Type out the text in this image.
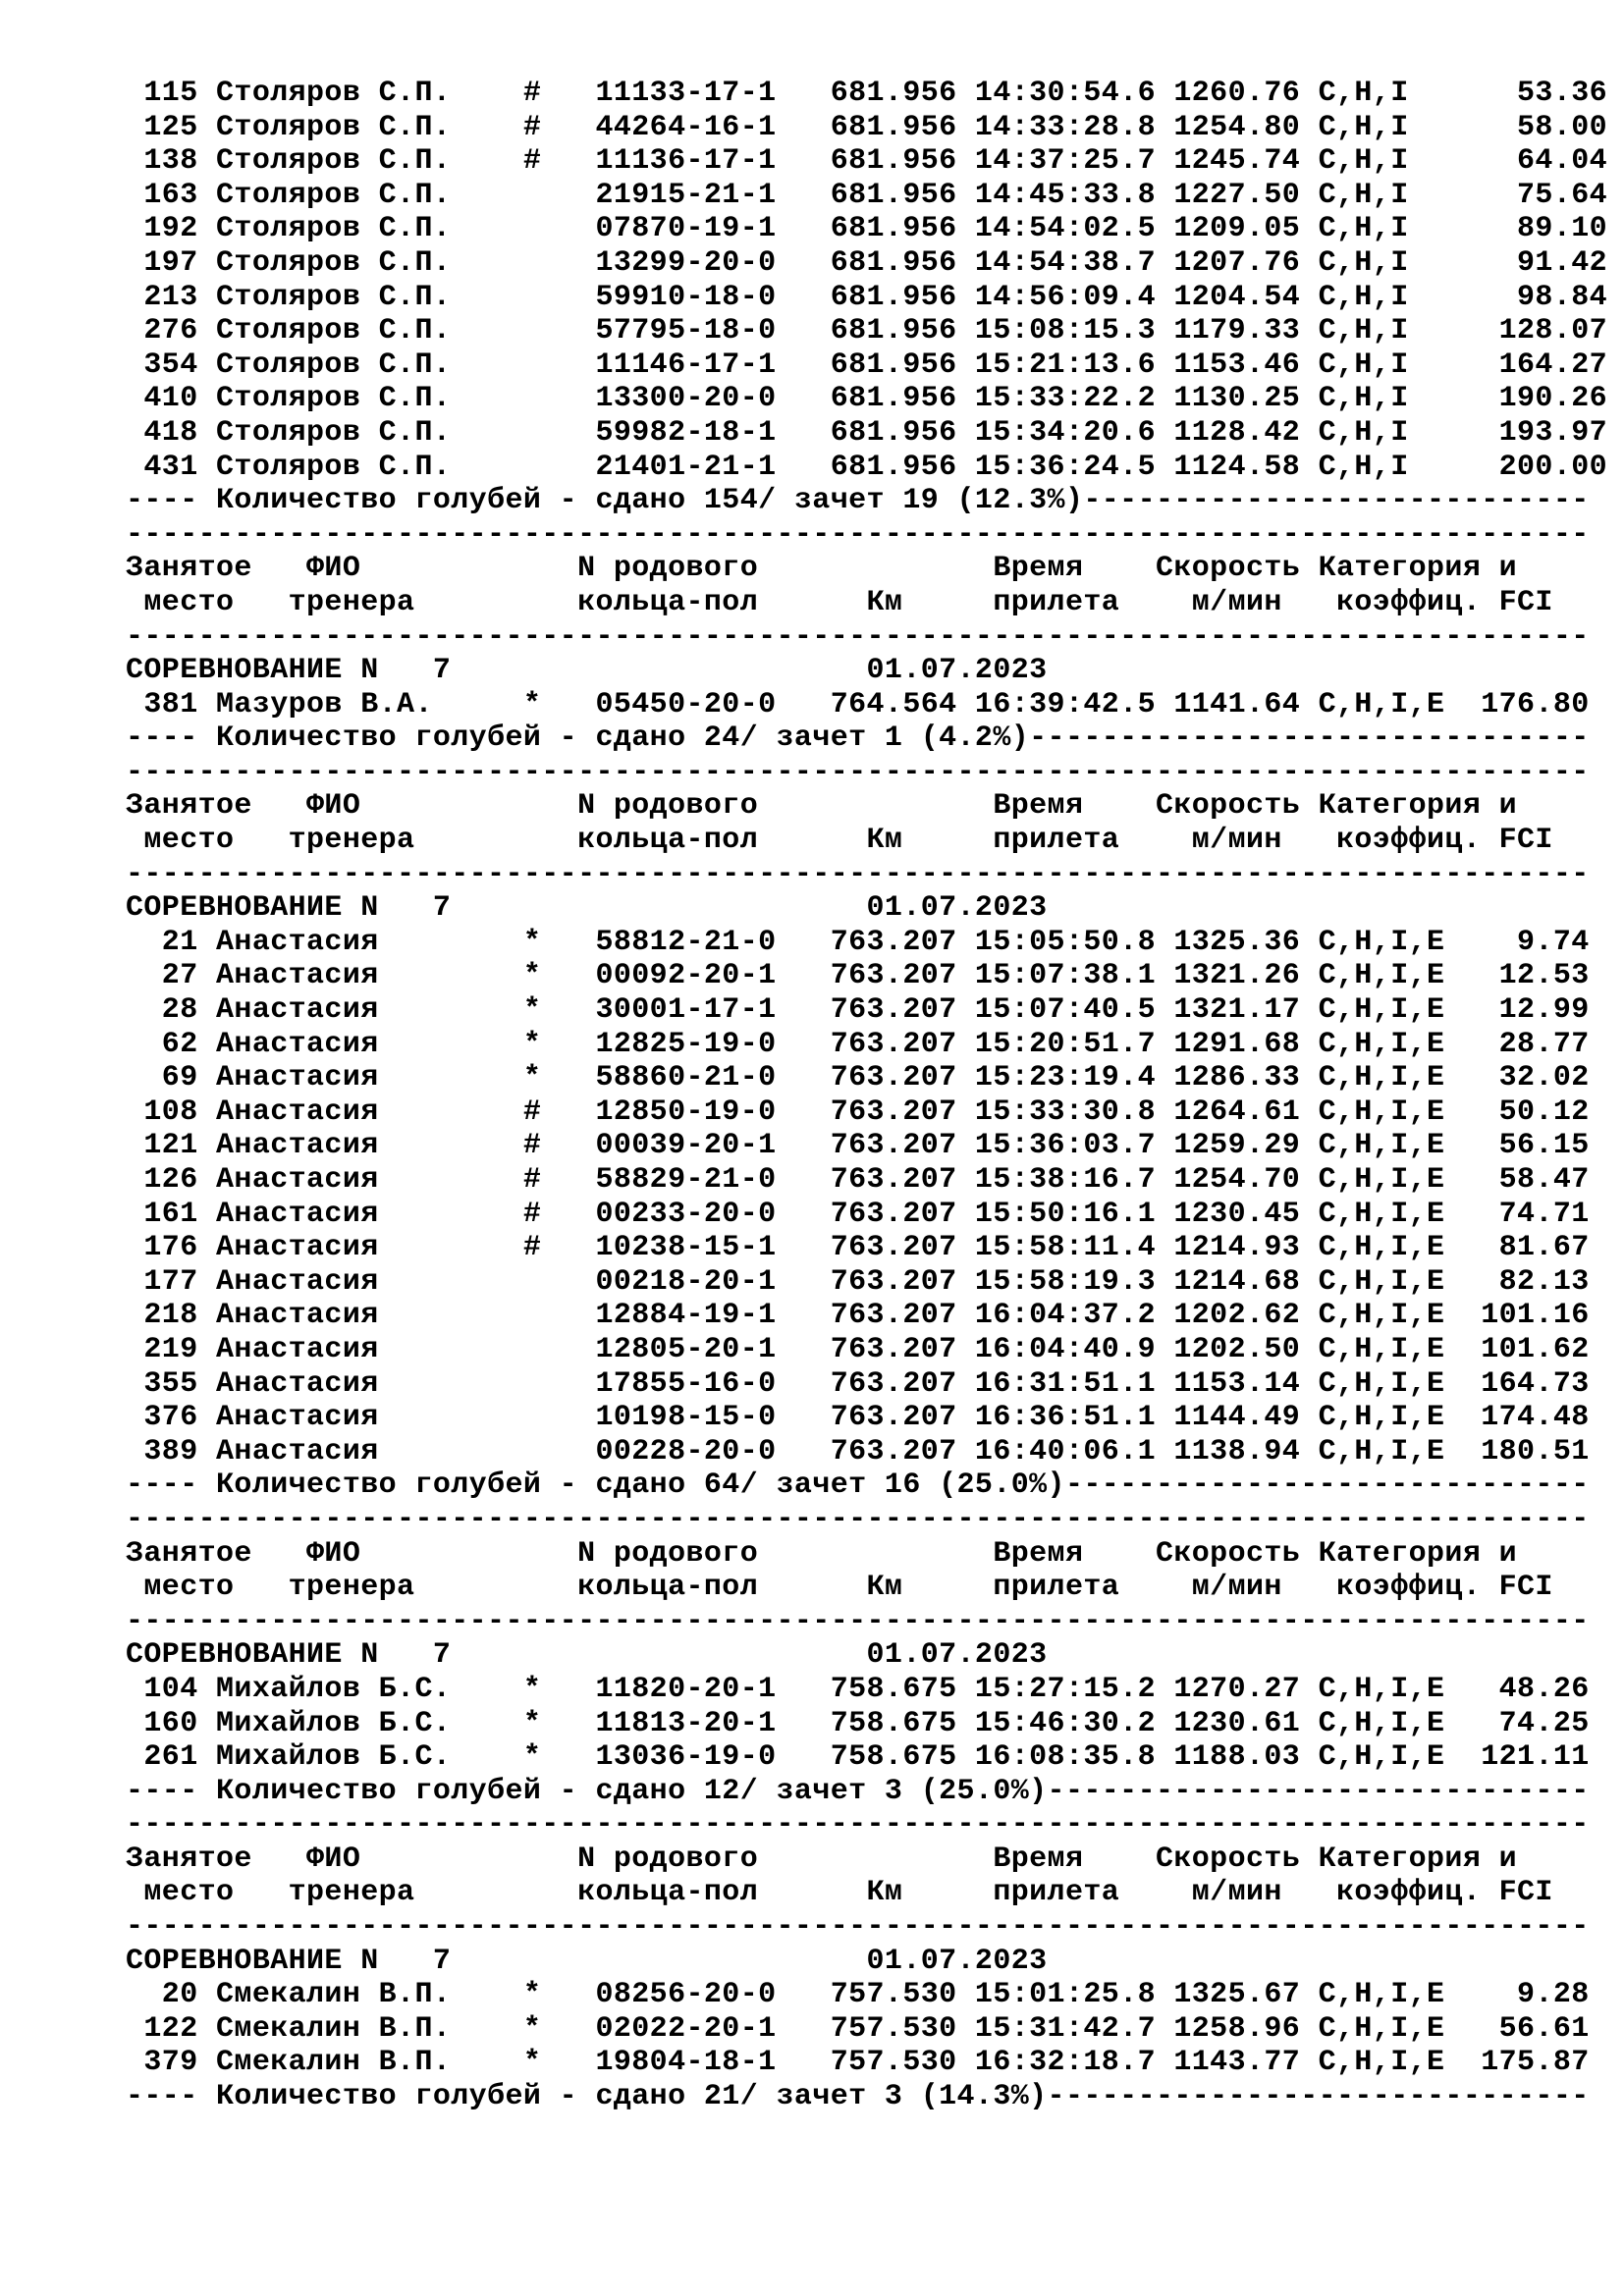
115 Столяров С.П.    #   11133-17-1   681.956 14:30:54.6 1260.76 C,H,I      53.36
125 Столяров С.П.    #   44264-16-1   681.956 14:33:28.8 1254.80 C,H,I      58.00
138 Столяров С.П.    #   11136-17-1   681.956 14:37:25.7 1245.74 C,H,I      64.04
163 Столяров С.П.        21915-21-1   681.956 14:45:33.8 1227.50 C,H,I      75.64
192 Столяров С.П.        07870-19-1   681.956 14:54:02.5 1209.05 C,H,I      89.10
197 Столяров С.П.        13299-20-0   681.956 14:54:38.7 1207.76 C,H,I      91.42
213 Столяров С.П.        59910-18-0   681.956 14:56:09.4 1204.54 C,H,I      98.84
276 Столяров С.П.        57795-18-0   681.956 15:08:15.3 1179.33 C,H,I     128.07
354 Столяров С.П.        11146-17-1   681.956 15:21:13.6 1153.46 C,H,I     164.27
410 Столяров С.П.        13300-20-0   681.956 15:33:22.2 1130.25 C,H,I     190.26
418 Столяров С.П.        59982-18-1   681.956 15:34:20.6 1128.42 C,H,I     193.97
431 Столяров С.П.        21401-21-1   681.956 15:36:24.5 1124.58 C,H,I     200.00
---- Количество голубей - сдано 154/ зачет 19 (12.3%)----------------------------
---------------------------------------------------------------------------------
Занятое   ФИО            N родового             Время    Скорость Категория и
место   тренера         кольца-пол      Км     прилета    м/мин   коэффиц. FCI
---------------------------------------------------------------------------------
СОРЕВНОВАНИЕ N   7                       01.07.2023
381 Мазуров В.А.     *   05450-20-0   764.564 16:39:42.5 1141.64 C,H,I,E  176.80
---- Количество голубей - сдано 24/ зачет 1 (4.2%)-------------------------------
---------------------------------------------------------------------------------
Занятое   ФИО            N родового             Время    Скорость Категория и
место   тренера         кольца-пол      Км     прилета    м/мин   коэффиц. FCI
---------------------------------------------------------------------------------
СОРЕВНОВАНИЕ N   7                       01.07.2023
21 Анастасия        *   58812-21-0   763.207 15:05:50.8 1325.36 C,H,I,E    9.74
27 Анастасия        *   00092-20-1   763.207 15:07:38.1 1321.26 C,H,I,E   12.53
28 Анастасия        *   30001-17-1   763.207 15:07:40.5 1321.17 C,H,I,E   12.99
62 Анастасия        *   12825-19-0   763.207 15:20:51.7 1291.68 C,H,I,E   28.77
69 Анастасия        *   58860-21-0   763.207 15:23:19.4 1286.33 C,H,I,E   32.02
108 Анастасия        #   12850-19-0   763.207 15:33:30.8 1264.61 C,H,I,E   50.12
121 Анастасия        #   00039-20-1   763.207 15:36:03.7 1259.29 C,H,I,E   56.15
126 Анастасия        #   58829-21-0   763.207 15:38:16.7 1254.70 C,H,I,E   58.47
161 Анастасия        #   00233-20-0   763.207 15:50:16.1 1230.45 C,H,I,E   74.71
176 Анастасия        #   10238-15-1   763.207 15:58:11.4 1214.93 C,H,I,E   81.67
177 Анастасия            00218-20-1   763.207 15:58:19.3 1214.68 C,H,I,E   82.13
218 Анастасия            12884-19-1   763.207 16:04:37.2 1202.62 C,H,I,E  101.16
219 Анастасия            12805-20-1   763.207 16:04:40.9 1202.50 C,H,I,E  101.62
355 Анастасия            17855-16-0   763.207 16:31:51.1 1153.14 C,H,I,E  164.73
376 Анастасия            10198-15-0   763.207 16:36:51.1 1144.49 C,H,I,E  174.48
389 Анастасия            00228-20-0   763.207 16:40:06.1 1138.94 C,H,I,E  180.51
---- Количество голубей - сдано 64/ зачет 16 (25.0%)-----------------------------
---------------------------------------------------------------------------------
Занятое   ФИО            N родового             Время    Скорость Категория и
место   тренера         кольца-пол      Км     прилета    м/мин   коэффиц. FCI
---------------------------------------------------------------------------------
СОРЕВНОВАНИЕ N   7                       01.07.2023
104 Михайлов Б.С.    *   11820-20-1   758.675 15:27:15.2 1270.27 C,H,I,E   48.26
160 Михайлов Б.С.    *   11813-20-1   758.675 15:46:30.2 1230.61 C,H,I,E   74.25
261 Михайлов Б.С.    *   13036-19-0   758.675 16:08:35.8 1188.03 C,H,I,E  121.11
---- Количество голубей - сдано 12/ зачет 3 (25.0%)------------------------------
---------------------------------------------------------------------------------
Занятое   ФИО            N родового             Время    Скорость Категория и
место   тренера         кольца-пол      Км     прилета    м/мин   коэффиц. FCI
---------------------------------------------------------------------------------
СОРЕВНОВАНИЕ N   7                       01.07.2023
20 Смекалин В.П.    *   08256-20-0   757.530 15:01:25.8 1325.67 C,H,I,E    9.28
122 Смекалин В.П.    *   02022-20-1   757.530 15:31:42.7 1258.96 C,H,I,E   56.61
379 Смекалин В.П.    *   19804-18-1   757.530 16:32:18.7 1143.77 C,H,I,E  175.87
---- Количество голубей - сдано 21/ зачет 3 (14.3%)------------------------------
